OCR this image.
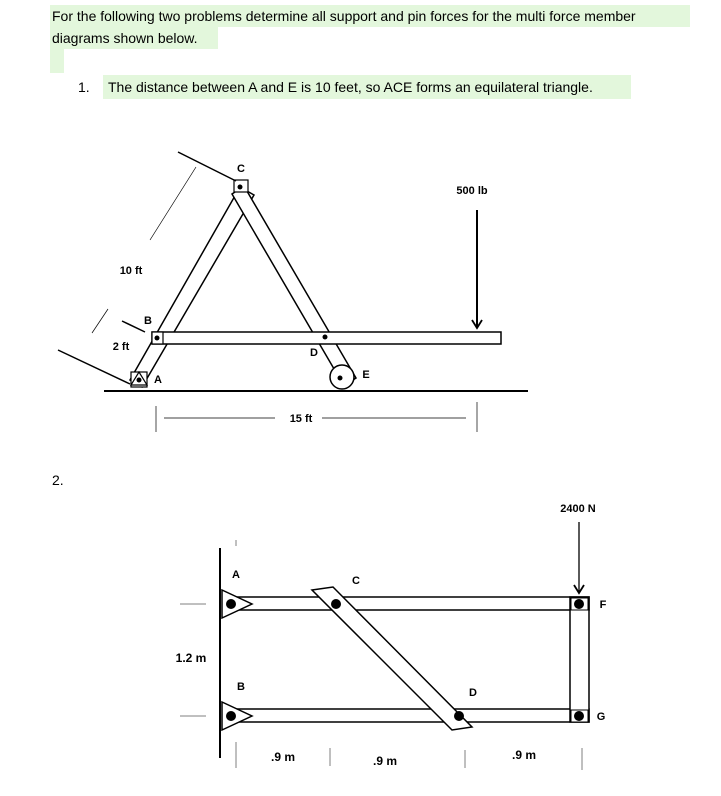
For the following two problems determine all support and pin forces for the multi force member
diagrams shown below.
1. The distance between A and E is 10 feet, so ACE forms an equilateral triangle.
2.
C
B
A
D
E
10 ft
2 ft
15 ft
500 lb
A	C
B	D
F
G
1.2 m
2400 N
.9 m	.9 m	.9 m
